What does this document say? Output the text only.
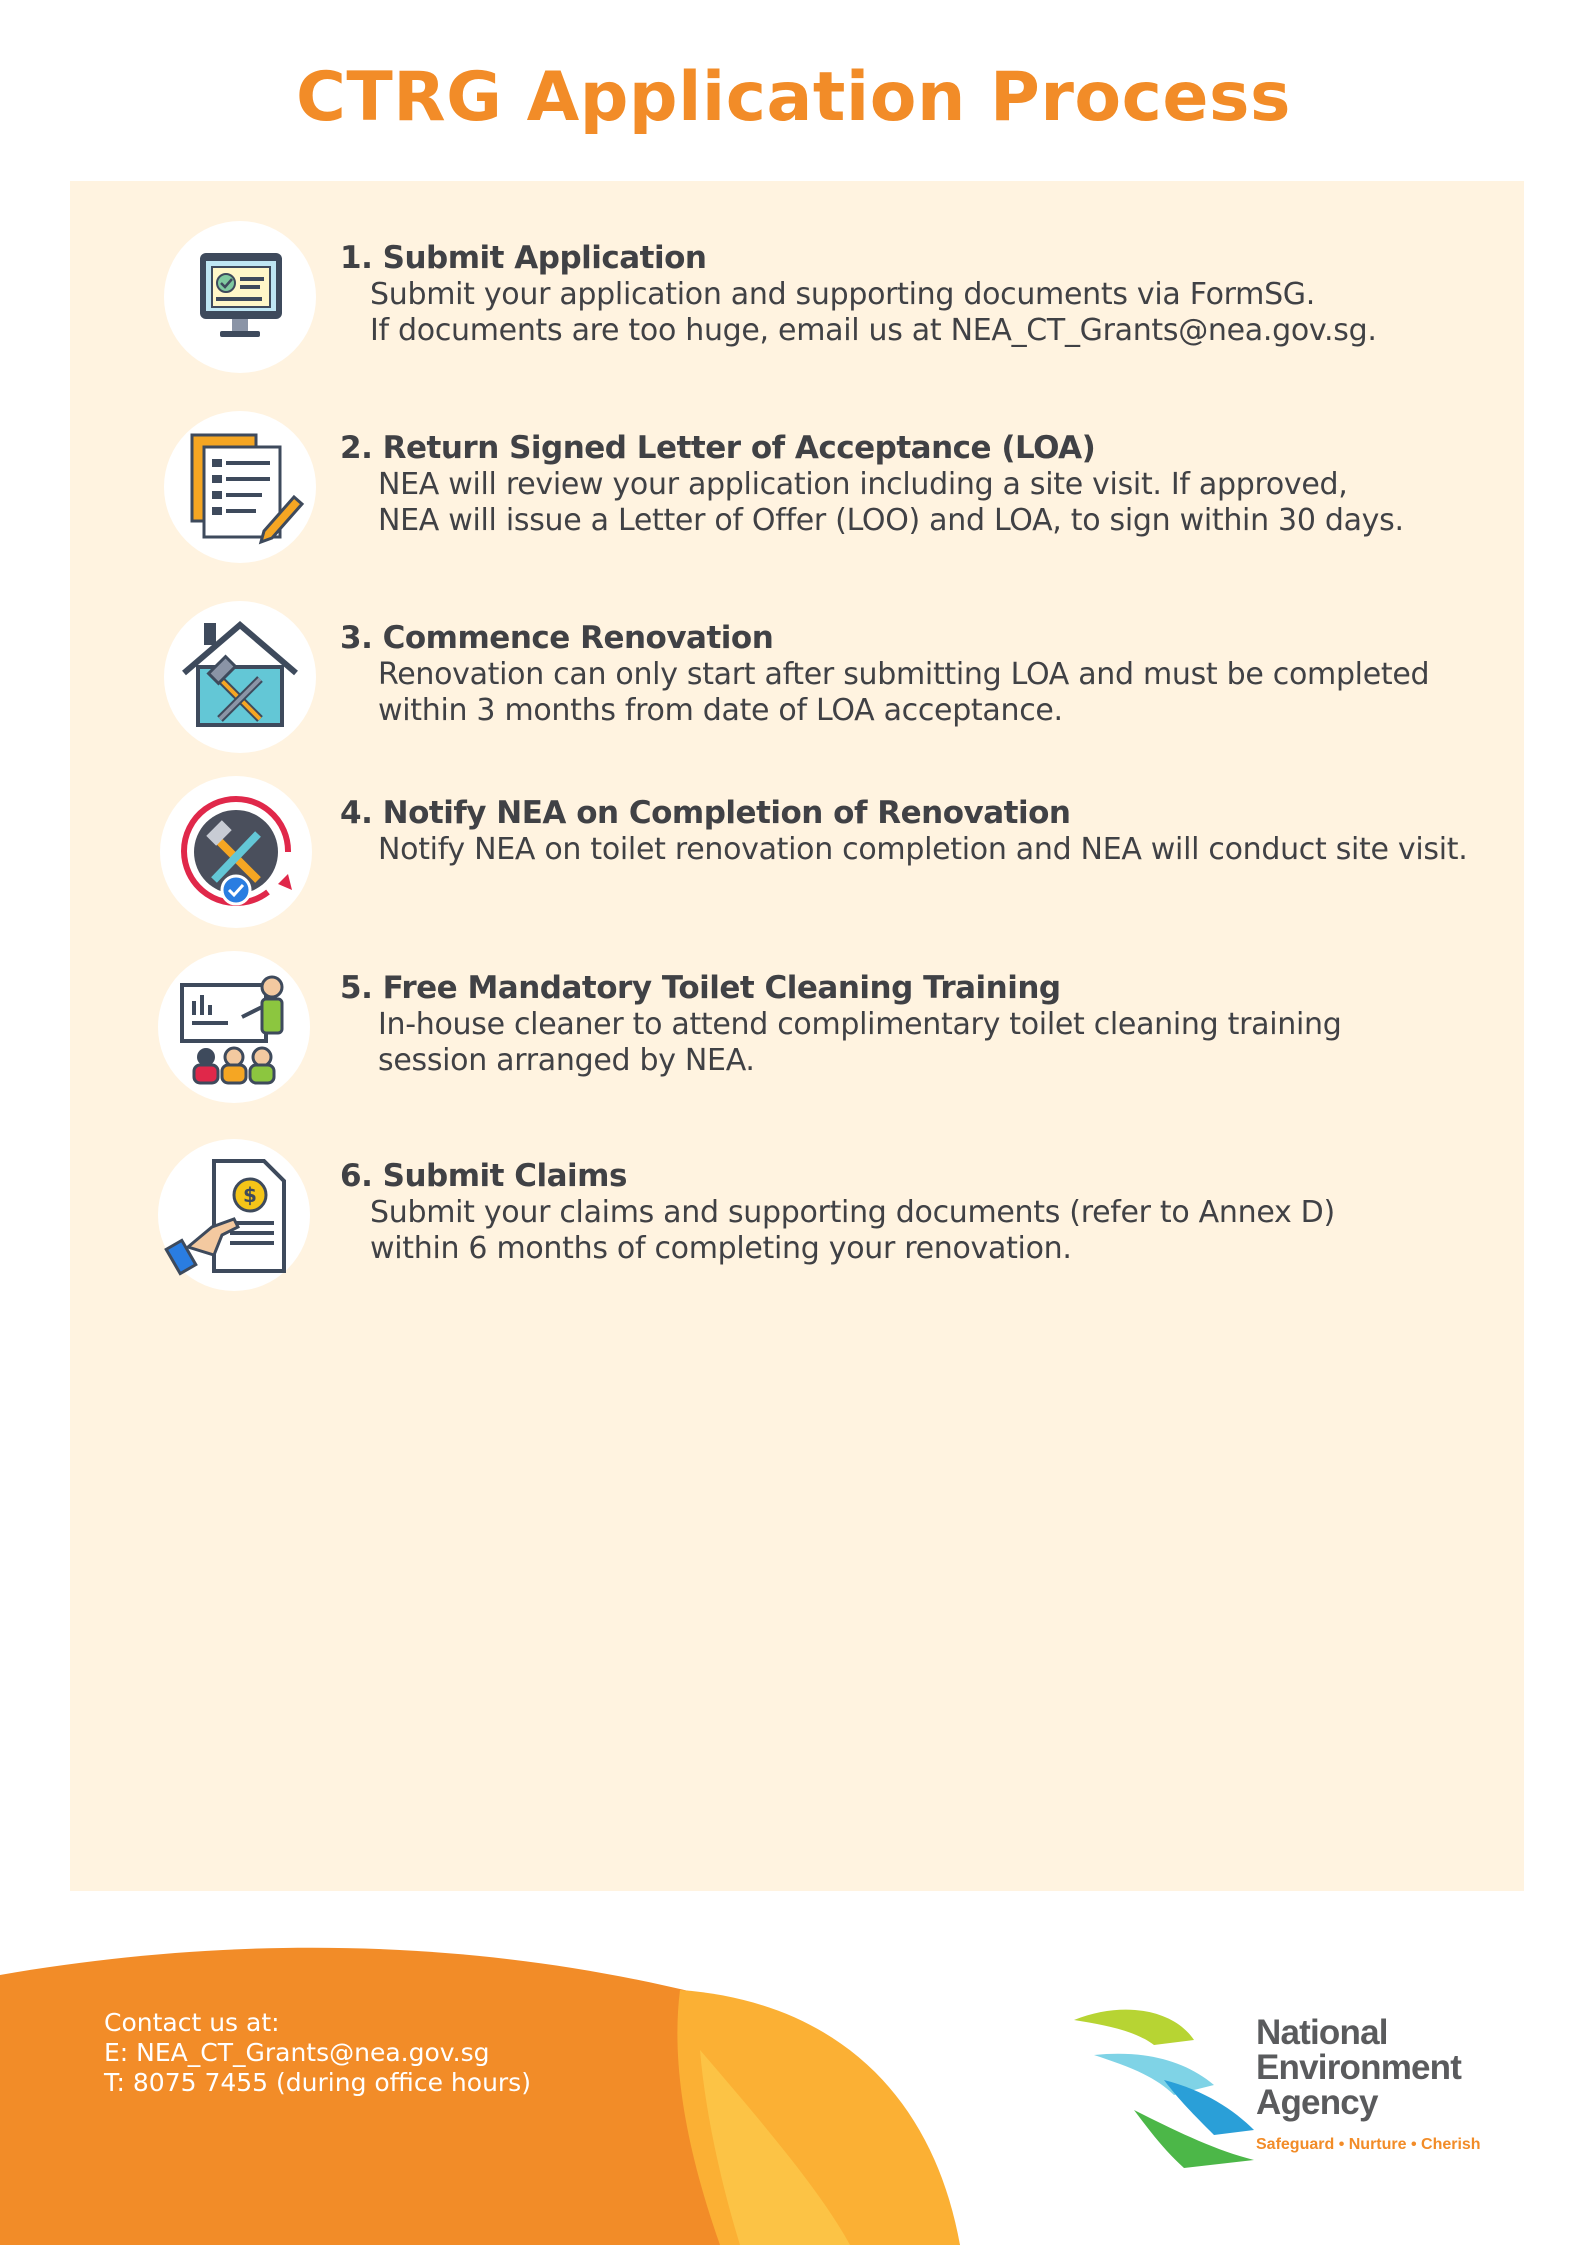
CTRG Application Process
1. Submit Application
Submit your application and supporting documents via FormSG.
If documents are too huge, email us at NEA_CT_Grants@nea.gov.sg.
2. Return Signed Letter of Acceptance (LOA)
NEA will review your application including a site visit. If approved,
NEA will issue a Letter of Offer (LOO) and LOA, to sign within 30 days.
3. Commence Renovation
Renovation can only start after submitting LOA and must be completed
within 3 months from date of LOA acceptance.
4. Notify NEA on Completion of Renovation
Notify NEA on toilet renovation completion and NEA will conduct site visit.
5. Free Mandatory Toilet Cleaning Training
In-house cleaner to attend complimentary toilet cleaning training
session arranged by NEA.
$
6. Submit Claims
Submit your claims and supporting documents (refer to Annex D)
within 6 months of completing your renovation.
Contact us at:
E: NEA_CT_Grants@nea.gov.sg
T: 8075 7455 (during office hours)
National
Environment
Agency
Safeguard • Nurture • Cherish
